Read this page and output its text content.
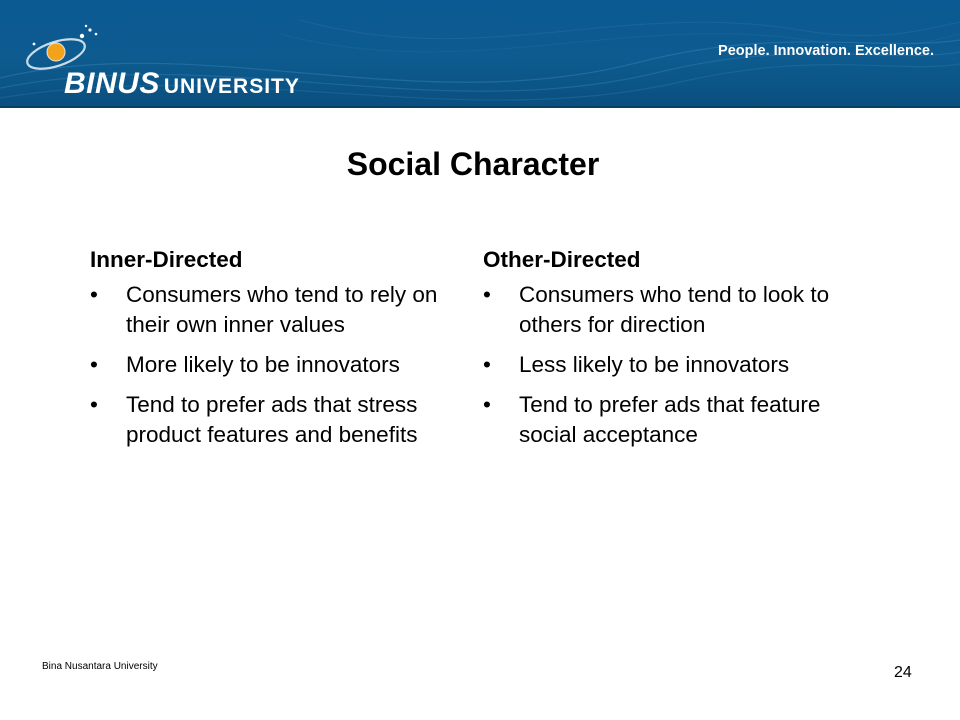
BINUS UNIVERSITY
People. Innovation. Excellence.
Social Character
Inner-Directed
•	Consumers who tend to rely on their own inner values
•	More likely to be innovators
•	Tend to prefer ads that stress product features and benefits
Other-Directed
•	Consumers who tend to look to others for direction
•	Less likely to be innovators
•	Tend to prefer ads that feature social acceptance
Bina Nusantara University	24
